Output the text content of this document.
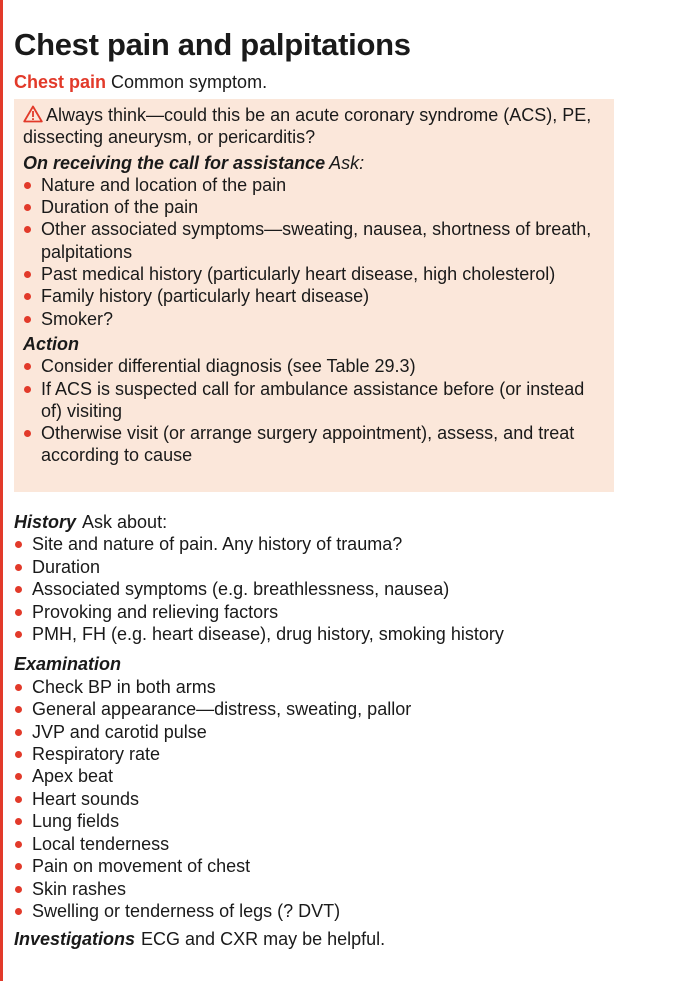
Chest pain and palpitations
Chest pain Common symptom.
Always think—could this be an acute coronary syndrome (ACS), PE, dissecting aneurysm, or pericarditis?
On receiving the call for assistance Ask:
Nature and location of the pain
Duration of the pain
Other associated symptoms—sweating, nausea, shortness of breath, palpitations
Past medical history (particularly heart disease, high cholesterol)
Family history (particularly heart disease)
Smoker?
Action
Consider differential diagnosis (see Table 29.3)
If ACS is suspected call for ambulance assistance before (or instead of) visiting
Otherwise visit (or arrange surgery appointment), assess, and treat according to cause
History Ask about:
Site and nature of pain. Any history of trauma?
Duration
Associated symptoms (e.g. breathlessness, nausea)
Provoking and relieving factors
PMH, FH (e.g. heart disease), drug history, smoking history
Examination
Check BP in both arms
General appearance—distress, sweating, pallor
JVP and carotid pulse
Respiratory rate
Apex beat
Heart sounds
Lung fields
Local tenderness
Pain on movement of chest
Skin rashes
Swelling or tenderness of legs (? DVT)
Investigations ECG and CXR may be helpful.
